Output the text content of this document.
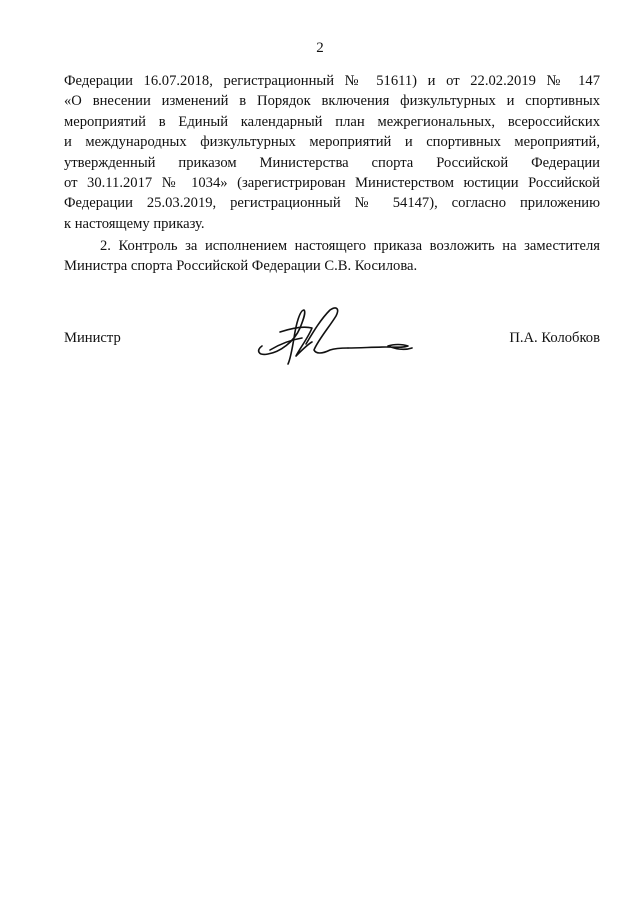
2
Федерации 16.07.2018, регистрационный № 51611) и от 22.02.2019 № 147
«О внесении изменений в Порядок включения физкультурных и спортивных
мероприятий в Единый календарный план межрегиональных, всероссийских
и международных физкультурных мероприятий и спортивных мероприятий,
утвержденный приказом Министерства спорта Российской Федерации
от 30.11.2017 № 1034» (зарегистрирован Министерством юстиции Российской
Федерации 25.03.2019, регистрационный № 54147), согласно приложению
к настоящему приказу.
2. Контроль за исполнением настоящего приказа возложить на заместителя
Министра спорта Российской Федерации С.В. Косилова.
Министр	П.А. Колобков
